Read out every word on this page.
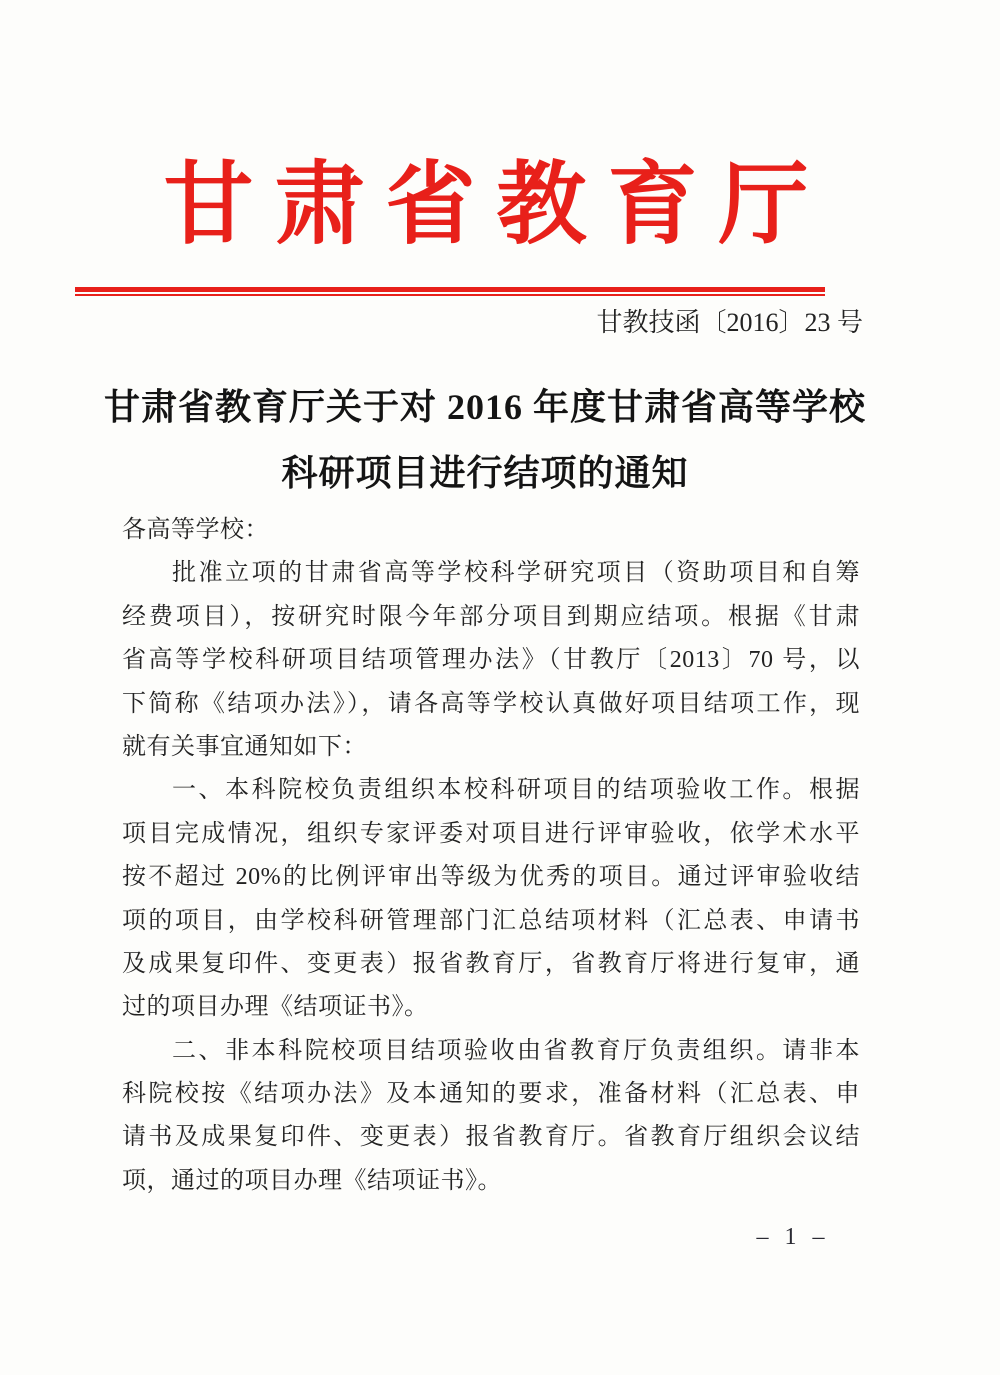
甘肃省教育厅
甘教技函〔2016〕23 号
甘肃省教育厅关于对 2016 年度甘肃省高等学校
科研项目进行结项的通知
各高等学校：
批准立项的甘肃省高等学校科学研究项目（资助项目和自筹
经费项目），按研究时限今年部分项目到期应结项。根据《甘肃
省高等学校科研项目结项管理办法》（甘教厅〔2013〕70 号，以
下简称《结项办法》），请各高等学校认真做好项目结项工作，现
就有关事宜通知如下：
一、本科院校负责组织本校科研项目的结项验收工作。根据
项目完成情况，组织专家评委对项目进行评审验收，依学术水平
按不超过 20%的比例评审出等级为优秀的项目。通过评审验收结
项的项目，由学校科研管理部门汇总结项材料（汇总表、申请书
及成果复印件、变更表）报省教育厅，省教育厅将进行复审，通
过的项目办理《结项证书》。
二、非本科院校项目结项验收由省教育厅负责组织。请非本
科院校按《结项办法》及本通知的要求，准备材料（汇总表、申
请书及成果复印件、变更表）报省教育厅。省教育厅组织会议结
项，通过的项目办理《结项证书》。
– 1 –
